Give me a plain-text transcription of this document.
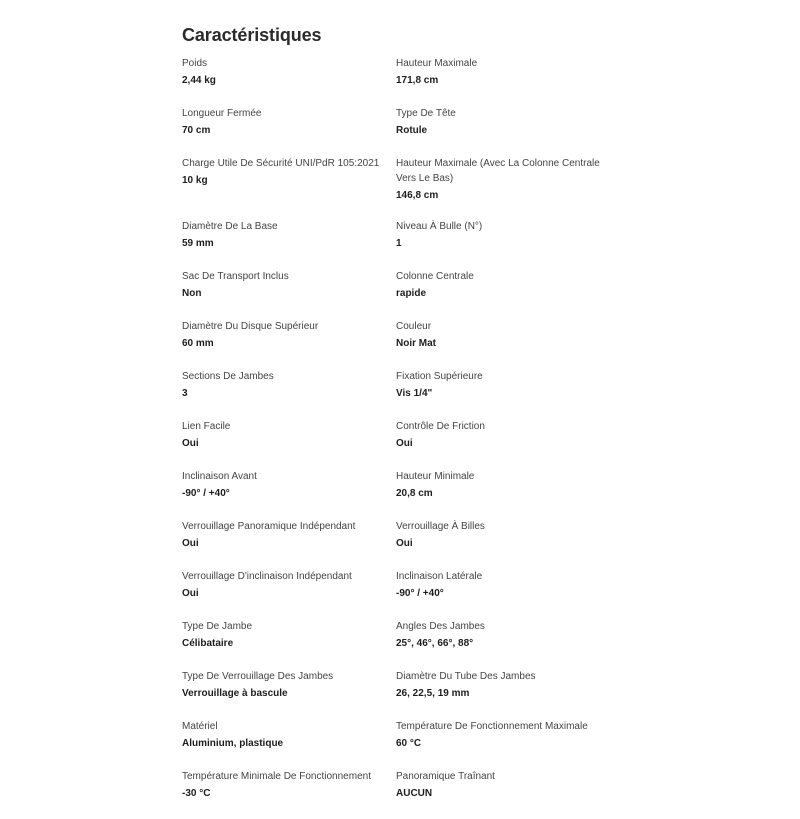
Caractéristiques
Poids
2,44 kg
Hauteur Maximale
171,8 cm
Longueur Fermée
70 cm
Type De Tête
Rotule
Charge Utile De Sécurité UNI/PdR 105:2021
10 kg
Hauteur Maximale (Avec La Colonne Centrale Vers Le Bas)
146,8 cm
Diamètre De La Base
59 mm
Niveau À Bulle (N°)
1
Sac De Transport Inclus
Non
Colonne Centrale
rapide
Diamètre Du Disque Supérieur
60 mm
Couleur
Noir Mat
Sections De Jambes
3
Fixation Supérieure
Vis 1/4"
Lien Facile
Oui
Contrôle De Friction
Oui
Inclinaison Avant
-90° / +40°
Hauteur Minimale
20,8 cm
Verrouillage Panoramique Indépendant
Oui
Verrouillage À Billes
Oui
Verrouillage D'inclinaison Indépendant
Oui
Inclinaison Latérale
-90° / +40°
Type De Jambe
Célibataire
Angles Des Jambes
25°, 46°, 66°, 88°
Type De Verrouillage Des Jambes
Verrouillage à bascule
Diamètre Du Tube Des Jambes
26, 22,5, 19 mm
Matériel
Aluminium, plastique
Température De Fonctionnement Maximale
60 °C
Température Minimale De Fonctionnement
-30 °C
Panoramique Traînant
AUCUN
